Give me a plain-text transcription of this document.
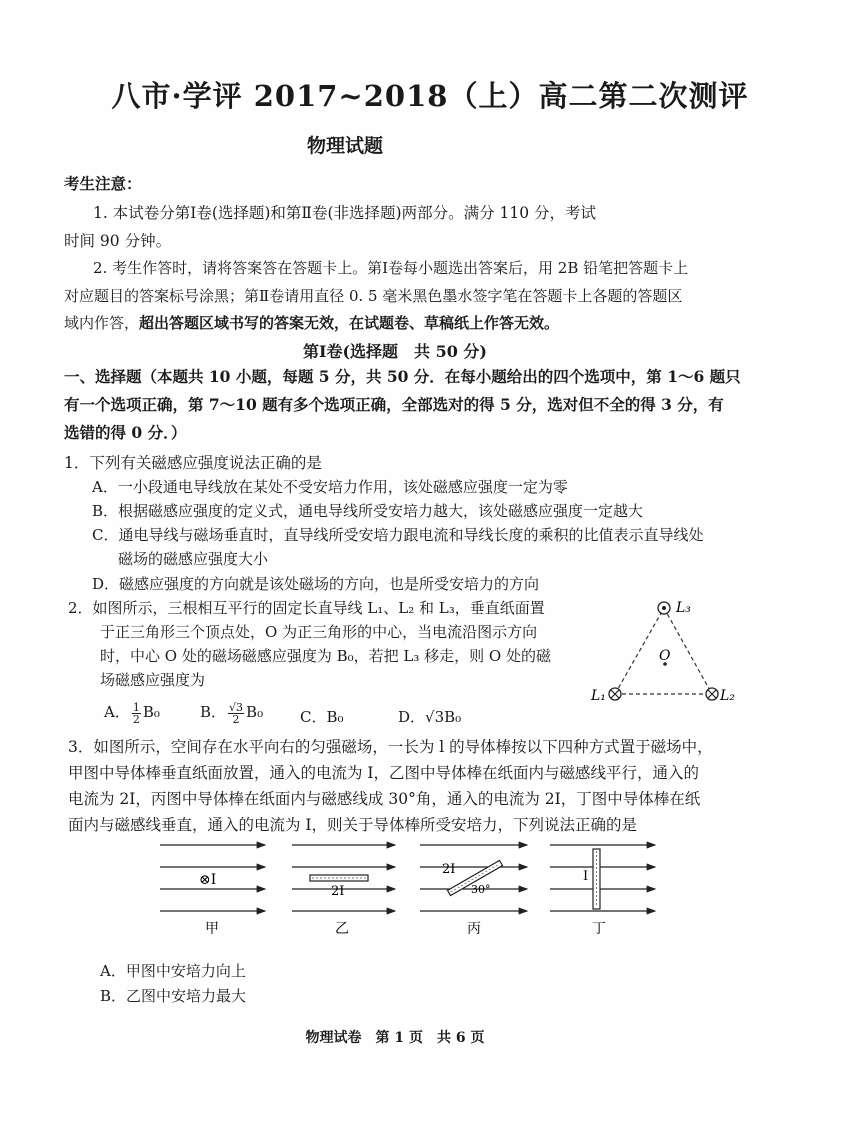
八市·学评 2017~2018（上）高二第二次测评
物理试题
考生注意：
1. 本试卷分第Ⅰ卷(选择题)和第Ⅱ卷(非选择题)两部分。满分 110 分，考试
时间 90 分钟。
2. 考生作答时，请将答案答在答题卡上。第Ⅰ卷每小题选出答案后，用 2B 铅笔把答题卡上
对应题目的答案标号涂黑；第Ⅱ卷请用直径 0. 5 毫米黑色墨水签字笔在答题卡上各题的答题区
域内作答，超出答题区域书写的答案无效，在试题卷、草稿纸上作答无效。
第Ⅰ卷(选择题　共 50 分)
一、选择题（本题共 10 小题，每题 5 分，共 50 分．在每小题给出的四个选项中，第 1～6 题只
有一个选项正确，第 7～10 题有多个选项正确，全部选对的得 5 分，选对但不全的得 3 分，有
选错的得 0 分．）
1．下列有关磁感应强度说法正确的是
A．一小段通电导线放在某处不受安培力作用，该处磁感应强度一定为零
B．根据磁感应强度的定义式，通电导线所受安培力越大，该处磁感应强度一定越大
C．通电导线与磁场垂直时，直导线所受安培力跟电流和导线长度的乘积的比值表示直导线处
磁场的磁感应强度大小
D．磁感应强度的方向就是该处磁场的方向，也是所受安培力的方向
2．如图所示，三根相互平行的固定长直导线 L₁、L₂ 和 L₃，垂直纸面置
于正三角形三个顶点处，O 为正三角形的中心，当电流沿图示方向
时，中心 O 处的磁场磁感应强度为 B₀，若把 L₃ 移走，则 O 处的磁
场磁感应强度为
A． $\frac{1}{2} B_0$	B． $\frac{√3}{2} B_0$ C．B₀	D．√3B₀
O
L₃
L₁	L₂
3．如图所示，空间存在水平向右的匀强磁场，一长为 l 的导体棒按以下四种方式置于磁场中，
甲图中导体棒垂直纸面放置，通入的电流为 I，乙图中导体棒在纸面内与磁感线平行，通入的
电流为 2I，丙图中导体棒在纸面内与磁感线成 30°角，通入的电流为 2I，丁图中导体棒在纸
面内与磁感线垂直，通入的电流为 I，则关于导体棒所受安培力，下列说法正确的是
⊗I
甲
2I
乙
2I
30°
丙
I
丁
A．甲图中安培力向上
B．乙图中安培力最大
物理试卷　第 1 页　共 6 页
